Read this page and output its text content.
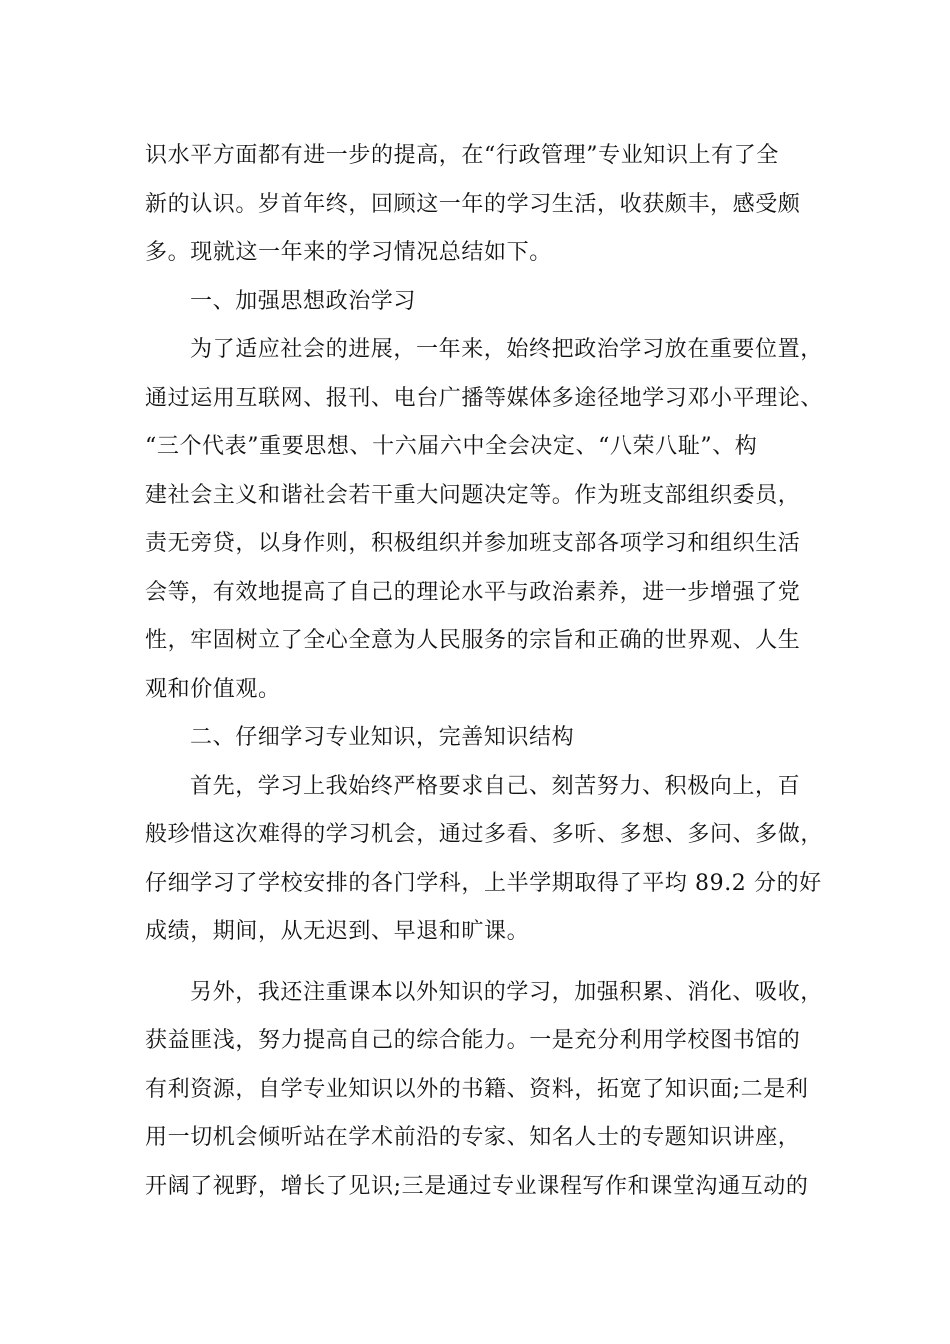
识水平方面都有进一步的提高，在“行政管理”专业知识上有了全
新的认识。岁首年终，回顾这一年的学习生活，收获颇丰，感受颇
多。现就这一年来的学习情况总结如下。
一、加强思想政治学习
为了适应社会的进展，一年来，始终把政治学习放在重要位置，
通过运用互联网、报刊、电台广播等媒体多途径地学习邓小平理论、
“三个代表”重要思想、十六届六中全会决定、“八荣八耻”、构
建社会主义和谐社会若干重大问题决定等。作为班支部组织委员，
责无旁贷，以身作则，积极组织并参加班支部各项学习和组织生活
会等，有效地提高了自己的理论水平与政治素养，进一步增强了党
性，牢固树立了全心全意为人民服务的宗旨和正确的世界观、人生
观和价值观。
二、仔细学习专业知识，完善知识结构
首先，学习上我始终严格要求自己、刻苦努力、积极向上，百
般珍惜这次难得的学习机会，通过多看、多听、多想、多问、多做，
仔细学习了学校安排的各门学科，上半学期取得了平均 89.2 分的好
成绩，期间，从无迟到、早退和旷课。
另外，我还注重课本以外知识的学习，加强积累、消化、吸收，
获益匪浅，努力提高自己的综合能力。一是充分利用学校图书馆的
有利资源，自学专业知识以外的书籍、资料，拓宽了知识面;二是利
用一切机会倾听站在学术前沿的专家、知名人士的专题知识讲座，
开阔了视野，增长了见识;三是通过专业课程写作和课堂沟通互动的
